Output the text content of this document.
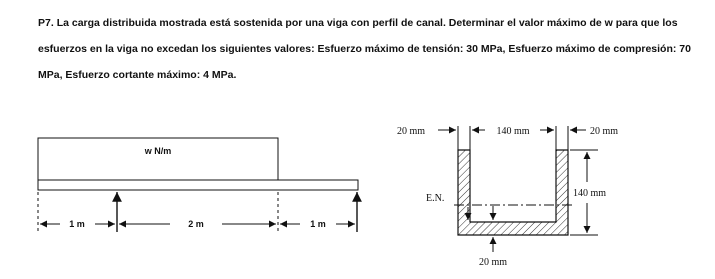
P7. La carga distribuida mostrada está sostenida por una viga con perfil de canal. Determinar el valor máximo de w para que los esfuerzos en la viga no excedan los siguientes valores: Esfuerzo máximo de tensión: 30 MPa, Esfuerzo máximo de compresión: 70 MPa, Esfuerzo cortante máximo: 4 MPa.

w N/m
1 m	2 m	1 m
20 mm	140 mm	20 mm
140 mm
E.N.
20 mm
